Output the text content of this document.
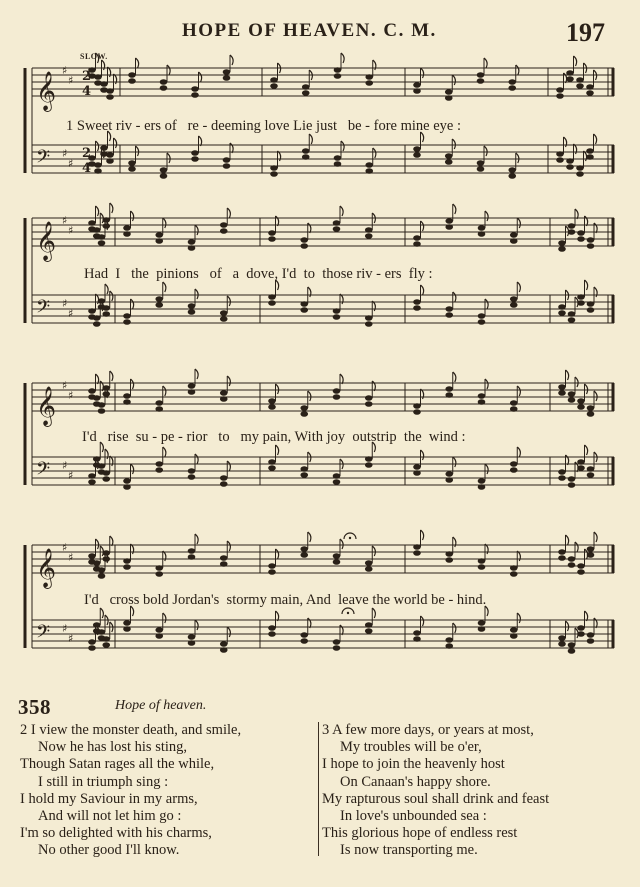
HOPE OF HEAVEN. C. M.	197
SLOW.
𝄞
♯
♯
𝄢 ♯
♯
𝄞
♯
♯
𝄢 ♯
♯
𝄞
♯
♯
𝄢 ♯
♯
𝄞
♯
♯
𝄢 ♯
♯
2
4
2
4
1 Sweet riv - ers of   re - deeming love Lie just   be - fore mine eye :
Had  I   the  pinions   of   a  dove, I'd  to  those riv - ers  fly :
I'd   rise  su - pe - rior   to   my pain, With joy  outstrip  the  wind :
I'd   cross bold Jordan's  stormy main, And  leave the world be - hind.
358	Hope of heaven.
2 I view the monster death, and smile,
Now he has lost his sting,
Though Satan rages all the while,
I still in triumph sing :
I hold my Saviour in my arms,
And will not let him go :
I'm so delighted with his charms,
No other good I'll know.
3 A few more days, or years at most,
My troubles will be o'er,
I hope to join the heavenly host
On Canaan's happy shore.
My rapturous soul shall drink and feast
In love's unbounded sea :
This glorious hope of endless rest
Is now transporting me.
